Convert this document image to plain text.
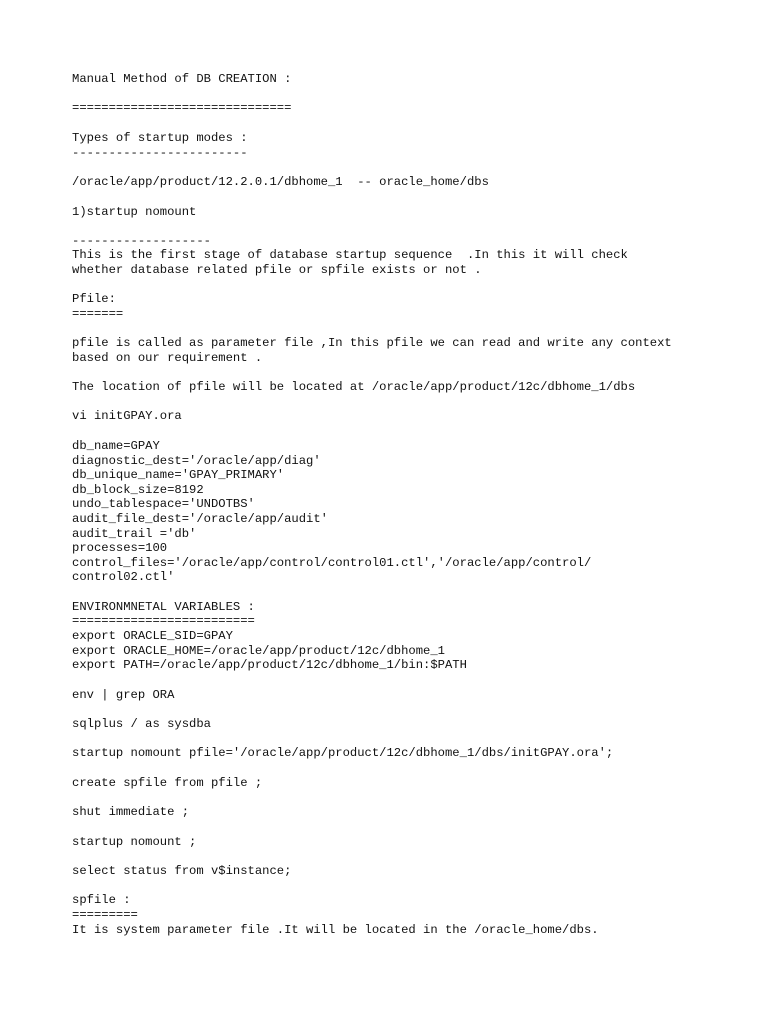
Manual Method of DB CREATION :

==============================

Types of startup modes :

------------------------

/oracle/app/product/12.2.0.1/dbhome_1  -- oracle_home/dbs

1)startup nomount

-------------------

This is the first stage of database startup sequence  .In this it will check

whether database related pfile or spfile exists or not .

Pfile:

=======

pfile is called as parameter file ,In this pfile we can read and write any context

based on our requirement .

The location of pfile will be located at /oracle/app/product/12c/dbhome_1/dbs

vi initGPAY.ora

db_name=GPAY

diagnostic_dest='/oracle/app/diag'

db_unique_name='GPAY_PRIMARY'

db_block_size=8192

undo_tablespace='UNDOTBS'

audit_file_dest='/oracle/app/audit'

audit_trail ='db'

processes=100

control_files='/oracle/app/control/control01.ctl','/oracle/app/control/

control02.ctl'

ENVIRONMNETAL VARIABLES :

=========================

export ORACLE_SID=GPAY

export ORACLE_HOME=/oracle/app/product/12c/dbhome_1

export PATH=/oracle/app/product/12c/dbhome_1/bin:$PATH

env | grep ORA

sqlplus / as sysdba

startup nomount pfile='/oracle/app/product/12c/dbhome_1/dbs/initGPAY.ora';

create spfile from pfile ;

shut immediate ;

startup nomount ;

select status from v$instance;

spfile :

=========

It is system parameter file .It will be located in the /oracle_home/dbs.
